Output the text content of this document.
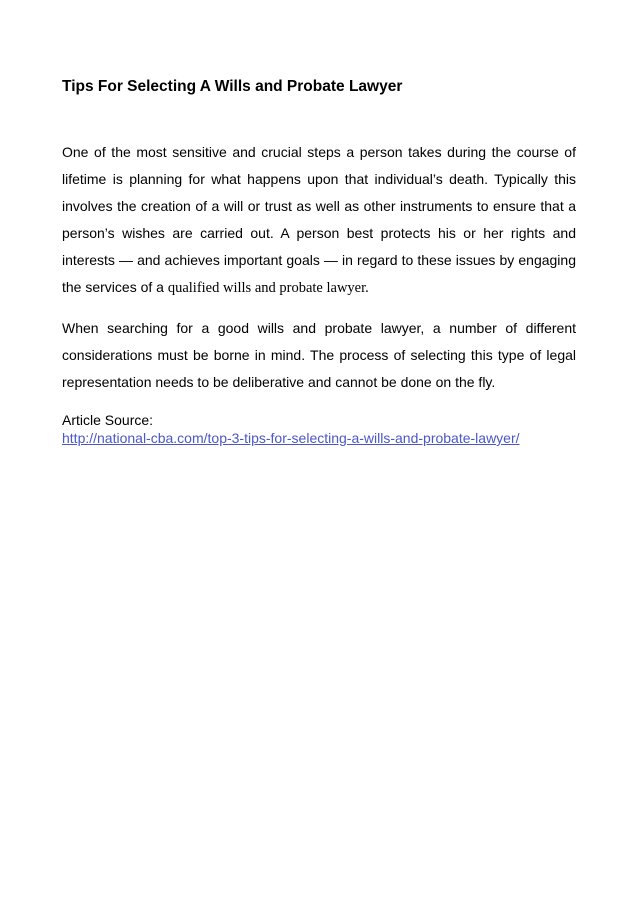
Tips For Selecting A Wills and Probate Lawyer

One of the most sensitive and crucial steps a person takes during the course of lifetime is planning for what happens upon that individual’s death. Typically this involves the creation of a will or trust as well as other instruments to ensure that a person’s wishes are carried out. A person best protects his or her rights and interests — and achieves important goals — in regard to these issues by engaging the services of a qualified wills and probate lawyer.

When searching for a good wills and probate lawyer, a number of different considerations must be borne in mind. The process of selecting this type of legal representation needs to be deliberative and cannot be done on the fly.

Article Source:
http://national-cba.com/top-3-tips-for-selecting-a-wills-and-probate-lawyer/
